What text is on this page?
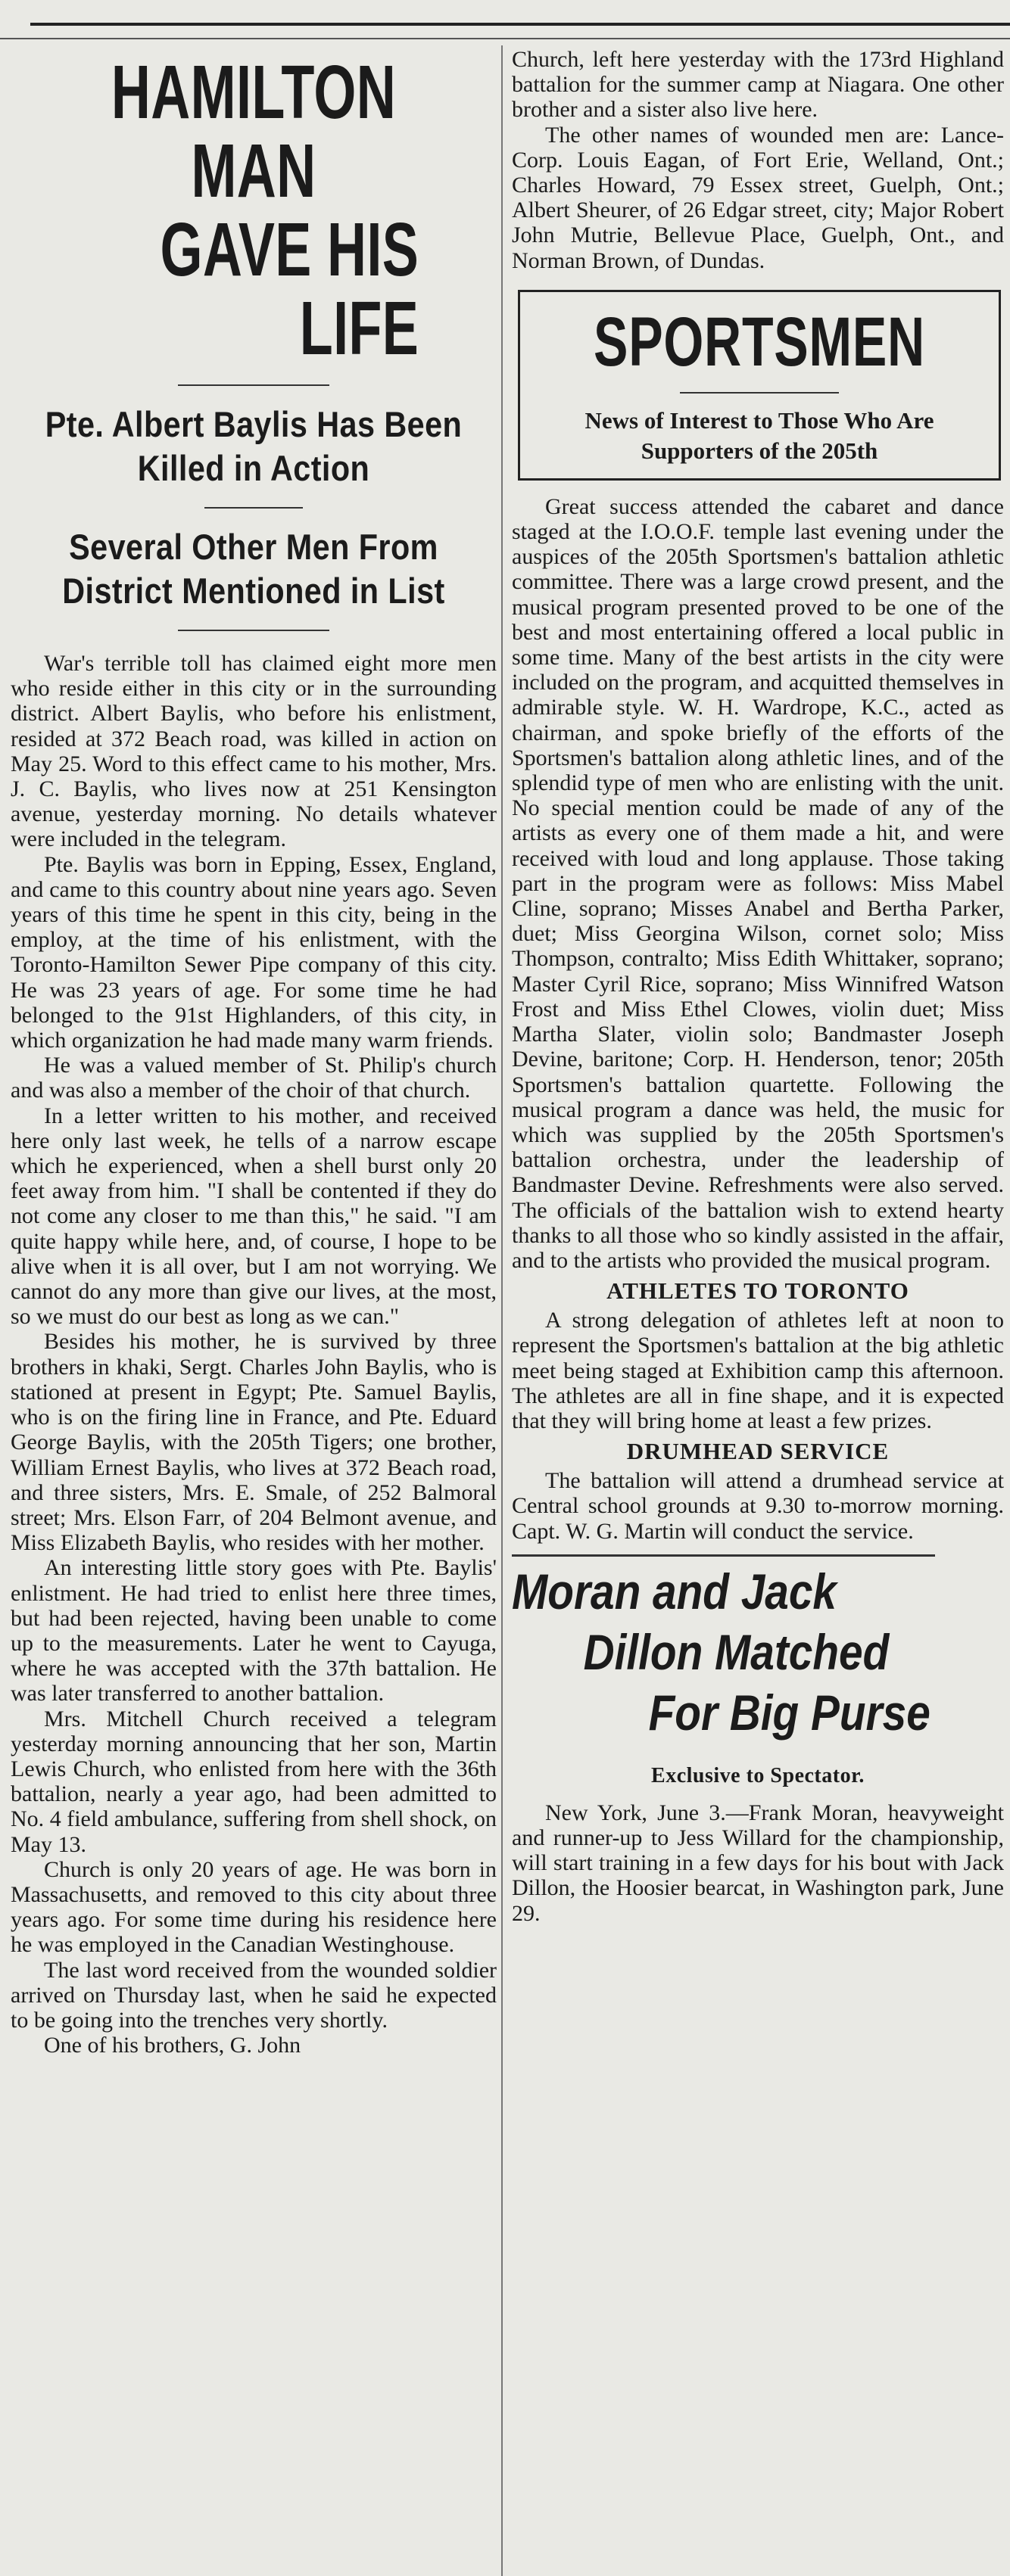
HAMILTON MAN
GAVE HIS LIFE
Pte. Albert Baylis Has Been Killed in Action
Several Other Men From District Mentioned in List

War's terrible toll has claimed eight more men who reside either in this city or in the surrounding district. Albert Baylis, who before his enlistment, resided at 372 Beach road, was killed in action on May 25. Word to this effect came to his mother, Mrs. J. C. Baylis, who lives now at 251 Kensington avenue, yesterday morning. No details whatever were included in the telegram.

Pte. Baylis was born in Epping, Essex, England, and came to this country about nine years ago. Seven years of this time he spent in this city, being in the employ, at the time of his enlistment, with the Toronto-Hamilton Sewer Pipe company of this city. He was 23 years of age. For some time he had belonged to the 91st Highlanders, of this city, in which organization he had made many warm friends.

He was a valued member of St. Philip's church and was also a member of the choir of that church.

In a letter written to his mother, and received here only last week, he tells of a narrow escape which he experienced, when a shell burst only 20 feet away from him. "I shall be contented if they do not come any closer to me than this," he said. "I am quite happy while here, and, of course, I hope to be alive when it is all over, but I am not worrying. We cannot do any more than give our lives, at the most, so we must do our best as long as we can."

Besides his mother, he is survived by three brothers in khaki, Sergt. Charles John Baylis, who is stationed at present in Egypt; Pte. Samuel Baylis, who is on the firing line in France, and Pte. Eduard George Baylis, with the 205th Tigers; one brother, William Ernest Baylis, who lives at 372 Beach road, and three sisters, Mrs. E. Smale, of 252 Balmoral street; Mrs. Elson Farr, of 204 Belmont avenue, and Miss Elizabeth Baylis, who resides with her mother.

An interesting little story goes with Pte. Baylis' enlistment. He had tried to enlist here three times, but had been rejected, having been unable to come up to the measurements. Later he went to Cayuga, where he was accepted with the 37th battalion. He was later transferred to another battalion.

Mrs. Mitchell Church received a telegram yesterday morning announcing that her son, Martin Lewis Church, who enlisted from here with the 36th battalion, nearly a year ago, had been admitted to No. 4 field ambulance, suffering from shell shock, on May 13.

Church is only 20 years of age. He was born in Massachusetts, and removed to this city about three years ago. For some time during his residence here he was employed in the Canadian Westinghouse.

The last word received from the wounded soldier arrived on Thursday last, when he said he expected to be going into the trenches very shortly.

One of his brothers, G. John

Church, left here yesterday with the 173rd Highland battalion for the summer camp at Niagara. One other brother and a sister also live here.

The other names of wounded men are: Lance-Corp. Louis Eagan, of Fort Erie, Welland, Ont.; Charles Howard, 79 Essex street, Guelph, Ont.; Albert Sheurer, of 26 Edgar street, city; Major Robert John Mutrie, Bellevue Place, Guelph, Ont., and Norman Brown, of Dundas.

SPORTSMEN
News of Interest to Those Who Are Supporters of the 205th

Great success attended the cabaret and dance staged at the I.O.O.F. temple last evening under the auspices of the 205th Sportsmen's battalion athletic committee. There was a large crowd present, and the musical program presented proved to be one of the best and most entertaining offered a local public in some time. Many of the best artists in the city were included on the program, and acquitted themselves in admirable style. W. H. Wardrope, K.C., acted as chairman, and spoke briefly of the efforts of the Sportsmen's battalion along athletic lines, and of the splendid type of men who are enlisting with the unit. No special mention could be made of any of the artists as every one of them made a hit, and were received with loud and long applause. Those taking part in the program were as follows: Miss Mabel Cline, soprano; Misses Anabel and Bertha Parker, duet; Miss Georgina Wilson, cornet solo; Miss Thompson, contralto; Miss Edith Whittaker, soprano; Master Cyril Rice, soprano; Miss Winnifred Watson Frost and Miss Ethel Clowes, violin duet; Miss Martha Slater, violin solo; Bandmaster Joseph Devine, baritone; Corp. H. Henderson, tenor; 205th Sportsmen's battalion quartette. Following the musical program a dance was held, the music for which was supplied by the 205th Sportsmen's battalion orchestra, under the leadership of Bandmaster Devine. Refreshments were also served. The officials of the battalion wish to extend hearty thanks to all those who so kindly assisted in the affair, and to the artists who provided the musical program.

ATHLETES TO TORONTO

A strong delegation of athletes left at noon to represent the Sportsmen's battalion at the big athletic meet being staged at Exhibition camp this afternoon. The athletes are all in fine shape, and it is expected that they will bring home at least a few prizes.

DRUMHEAD SERVICE

The battalion will attend a drumhead service at Central school grounds at 9.30 to-morrow morning. Capt. W. G. Martin will conduct the service.

Moran and Jack
Dillon Matched
For Big Purse
Exclusive to Spectator.

New York, June 3.—Frank Moran, heavyweight and runner-up to Jess Willard for the championship, will start training in a few days for his bout with Jack Dillon, the Hoosier bearcat, in Washington park, June 29.
